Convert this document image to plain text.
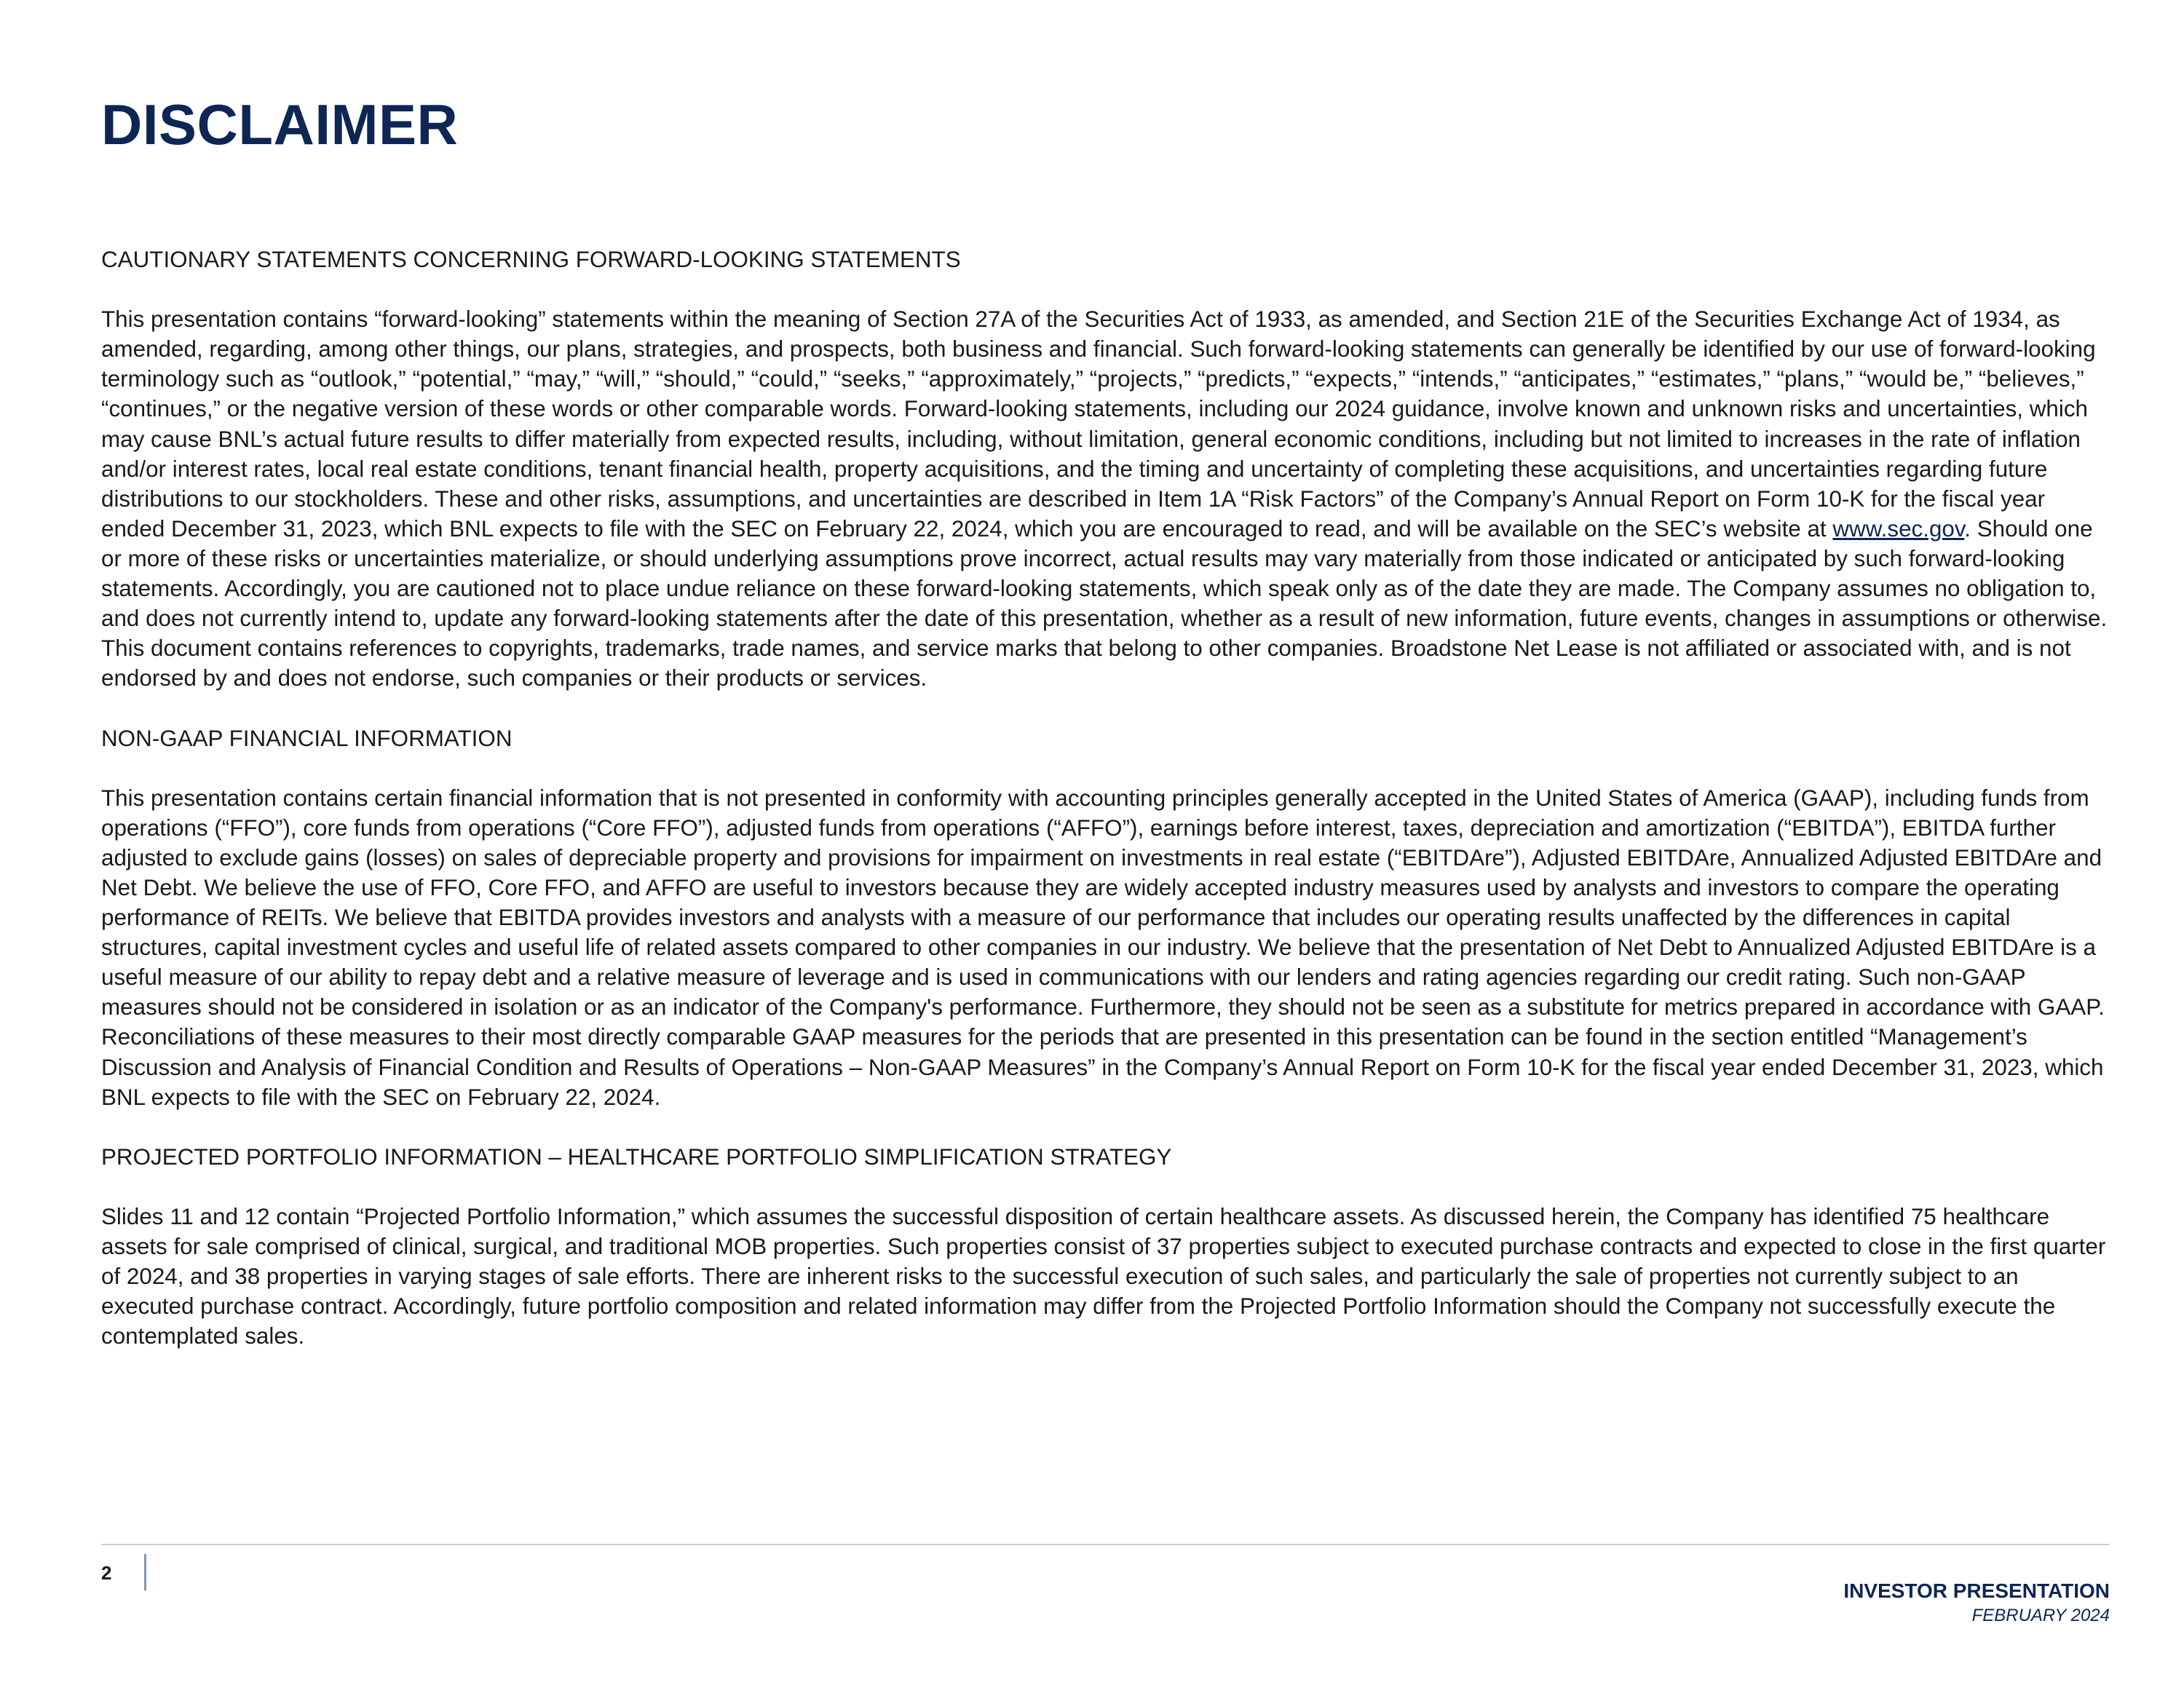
DISCLAIMER

CAUTIONARY STATEMENTS CONCERNING FORWARD-LOOKING STATEMENTS

This presentation contains “forward-looking” statements within the meaning of Section 27A of the Securities Act of 1933, as amended, and Section 21E of the Securities Exchange Act of 1934, as amended, regarding, among other things, our plans, strategies, and prospects, both business and financial. Such forward-looking statements can generally be identified by our use of forward-looking terminology such as “outlook,” “potential,” “may,” “will,” “should,” “could,” “seeks,” “approximately,” “projects,” “predicts,” “expects,” “intends,” “anticipates,” “estimates,” “plans,” “would be,” “believes,” “continues,” or the negative version of these words or other comparable words. Forward-looking statements, including our 2024 guidance, involve known and unknown risks and uncertainties, which may cause BNL’s actual future results to differ materially from expected results, including, without limitation, general economic conditions, including but not limited to increases in the rate of inflation and/or interest rates, local real estate conditions, tenant financial health, property acquisitions, and the timing and uncertainty of completing these acquisitions, and uncertainties regarding future distributions to our stockholders. These and other risks, assumptions, and uncertainties are described in Item 1A “Risk Factors” of the Company’s Annual Report on Form 10-K for the fiscal year ended December 31, 2023, which BNL expects to file with the SEC on February 22, 2024, which you are encouraged to read, and will be available on the SEC’s website at www.sec.gov. Should one or more of these risks or uncertainties materialize, or should underlying assumptions prove incorrect, actual results may vary materially from those indicated or anticipated by such forward-looking statements. Accordingly, you are cautioned not to place undue reliance on these forward-looking statements, which speak only as of the date they are made. The Company assumes no obligation to, and does not currently intend to, update any forward-looking statements after the date of this presentation, whether as a result of new information, future events, changes in assumptions or otherwise. This document contains references to copyrights, trademarks, trade names, and service marks that belong to other companies. Broadstone Net Lease is not affiliated or associated with, and is not endorsed by and does not endorse, such companies or their products or services.

NON-GAAP FINANCIAL INFORMATION

This presentation contains certain financial information that is not presented in conformity with accounting principles generally accepted in the United States of America (GAAP), including funds from operations (“FFO”), core funds from operations (“Core FFO”), adjusted funds from operations (“AFFO”), earnings before interest, taxes, depreciation and amortization (“EBITDA”), EBITDA further adjusted to exclude gains (losses) on sales of depreciable property and provisions for impairment on investments in real estate (“EBITDAre”), Adjusted EBITDAre, Annualized Adjusted EBITDAre and Net Debt. We believe the use of FFO, Core FFO, and AFFO are useful to investors because they are widely accepted industry measures used by analysts and investors to compare the operating performance of REITs. We believe that EBITDA provides investors and analysts with a measure of our performance that includes our operating results unaffected by the differences in capital structures, capital investment cycles and useful life of related assets compared to other companies in our industry. We believe that the presentation of Net Debt to Annualized Adjusted EBITDAre is a useful measure of our ability to repay debt and a relative measure of leverage and is used in communications with our lenders and rating agencies regarding our credit rating. Such non-GAAP measures should not be considered in isolation or as an indicator of the Company's performance. Furthermore, they should not be seen as a substitute for metrics prepared in accordance with GAAP. Reconciliations of these measures to their most directly comparable GAAP measures for the periods that are presented in this presentation can be found in the section entitled “Management’s Discussion and Analysis of Financial Condition and Results of Operations – Non-GAAP Measures” in the Company’s Annual Report on Form 10-K for the fiscal year ended December 31, 2023, which BNL expects to file with the SEC on February 22, 2024.

PROJECTED PORTFOLIO INFORMATION – HEALTHCARE PORTFOLIO SIMPLIFICATION STRATEGY

Slides 11 and 12 contain “Projected Portfolio Information,” which assumes the successful disposition of certain healthcare assets. As discussed herein, the Company has identified 75 healthcare assets for sale comprised of clinical, surgical, and traditional MOB properties. Such properties consist of 37 properties subject to executed purchase contracts and expected to close in the first quarter of 2024, and 38 properties in varying stages of sale efforts. There are inherent risks to the successful execution of such sales, and particularly the sale of properties not currently subject to an executed purchase contract. Accordingly, future portfolio composition and related information may differ from the Projected Portfolio Information should the Company not successfully execute the contemplated sales.

2
INVESTOR PRESENTATION
FEBRUARY 2024
